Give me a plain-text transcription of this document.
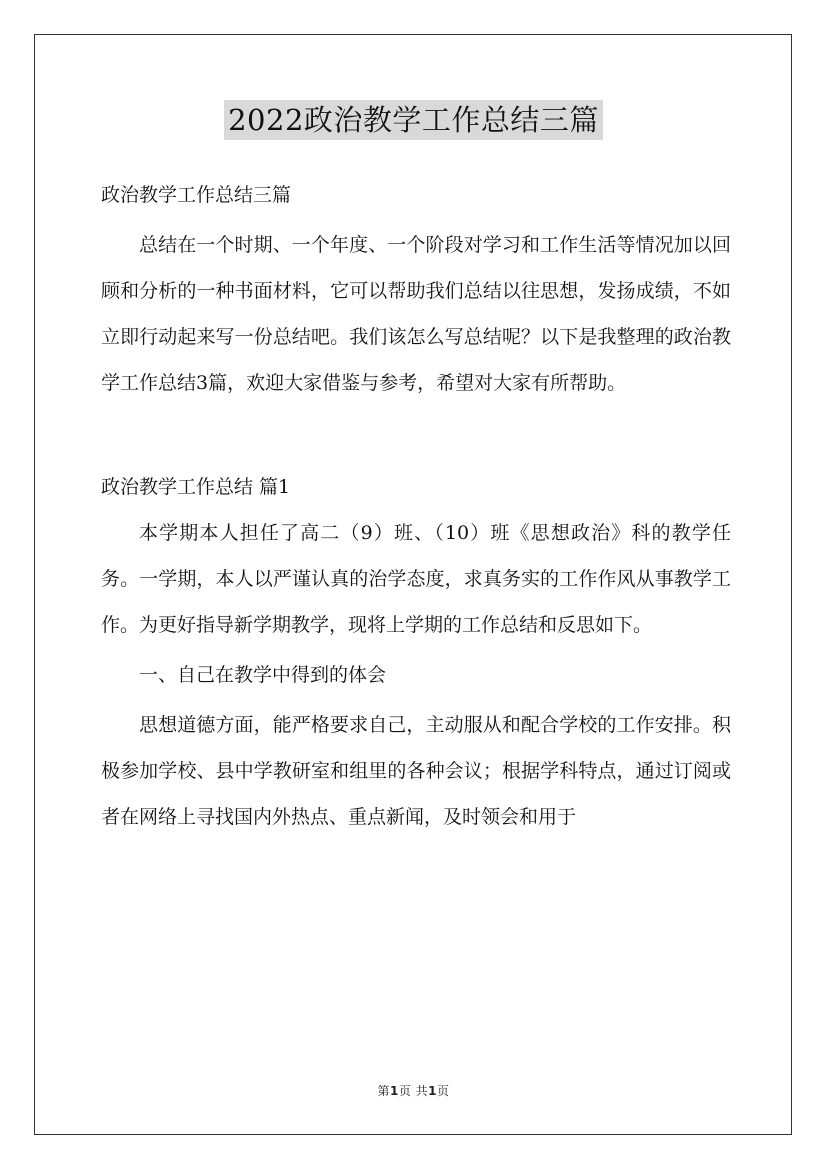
2022政治教学工作总结三篇

政治教学工作总结三篇

总结在一个时期、一个年度、一个阶段对学习和工作生活等情况加以回顾和分析的一种书面材料，它可以帮助我们总结以往思想，发扬成绩，不如立即行动起来写一份总结吧。我们该怎么写总结呢？以下是我整理的政治教学工作总结3篇，欢迎大家借鉴与参考，希望对大家有所帮助。

政治教学工作总结 篇1

本学期本人担任了高二（9）班、（10）班《思想政治》科的教学任务。一学期，本人以严谨认真的治学态度，求真务实的工作作风从事教学工作。为更好指导新学期教学，现将上学期的工作总结和反思如下。

一、自己在教学中得到的体会

思想道德方面，能严格要求自己，主动服从和配合学校的工作安排。积极参加学校、县中学教研室和组里的各种会议；根据学科特点，通过订阅或者在网络上寻找国内外热点、重点新闻，及时领会和用于

第1页 共1页
